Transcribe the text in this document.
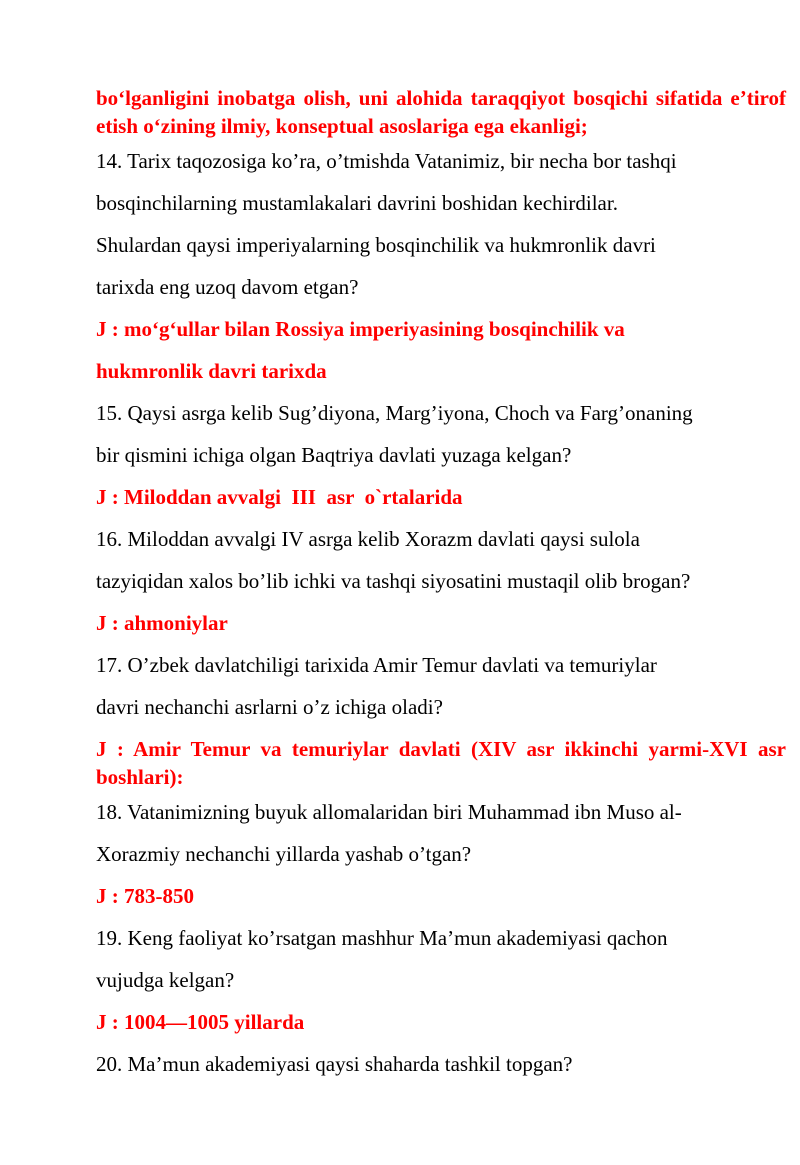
bo‘lganligini inobatga olish, uni alohida taraqqiyot bosqichi sifatida e’tirof etish o‘zining ilmiy, konseptual asoslariga ega ekanligi;

14. Tarix taqozosiga ko’ra, o’tmishda Vatanimiz, bir necha bor tashqi

bosqinchilarning mustamlakalari davrini boshidan kechirdilar.

Shulardan qaysi imperiyalarning bosqinchilik va hukmronlik davri

tarixda eng uzoq davom etgan?

J : mo‘g‘ullar bilan Rossiya imperiyasining bosqinchilik va

hukmronlik davri tarixda

15. Qaysi asrga kelib Sug’diyona, Marg’iyona, Choch va Farg’onaning

bir qismini ichiga olgan Baqtriya davlati yuzaga kelgan?

J : Miloddan avvalgi  III  asr  o`rtalarida

16. Miloddan avvalgi IV asrga kelib Xorazm davlati qaysi sulola

tazyiqidan xalos bo’lib ichki va tashqi siyosatini mustaqil olib brogan?

J : ahmoniylar

17. O’zbek davlatchiligi tarixida Amir Temur davlati va temuriylar

davri nechanchi asrlarni o’z ichiga oladi?

J : Amir Temur va temuriylar davlati (XIV asr ikkinchi yarmi-XVI asr boshlari):

18. Vatanimizning buyuk allomalaridan biri Muhammad ibn Muso al-

Xorazmiy nechanchi yillarda yashab o’tgan?

J : 783-850

19. Keng faoliyat ko’rsatgan mashhur Ma’mun akademiyasi qachon

vujudga kelgan?

J : 1004—1005 yillarda

20. Ma’mun akademiyasi qaysi shaharda tashkil topgan?
